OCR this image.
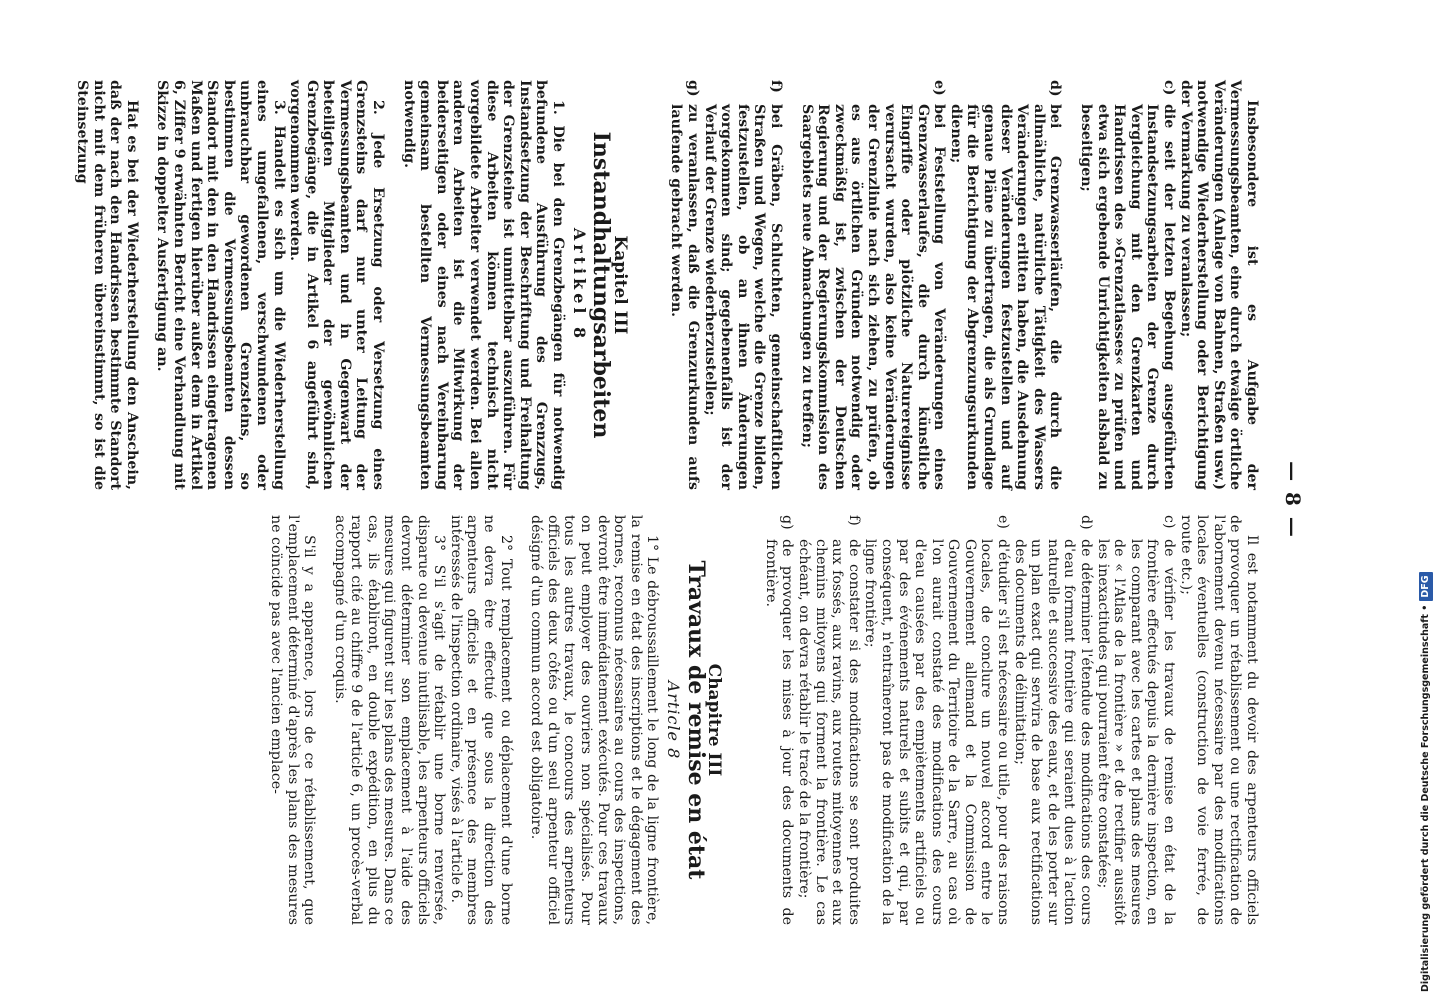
— 8 —

Insbesondere ist es Aufgabe der Vermessungsbeamten, eine durch etwaige örtliche Veränderungen (Anlage von Bahnen, Straßen usw.) notwendige Wiederherstellung oder Berichtigung der Vermarkung zu veranlassen;

c)
die seit der letzten Begehung ausgeführten Instandsetzungsarbeiten der Grenze durch Vergleichung mit den Grenzkarten und Handrissen des »Grenzatlasses« zu prüfen und etwa sich ergebende Unrichtigkeiten alsbald zu beseitigen;
d)
bei Grenzwasserläufen, die durch die allmähliche, natürliche Tätigkeit des Wassers Veränderungen erlitten haben, die Ausdehnung dieser Veränderungen festzustellen und auf genaue Pläne zu übertragen, die als Grundlage für die Berichtigung der Abgrenzungsurkunden dienen;
e)
bei Feststellung von Veränderungen eines Grenzwasserlaufes, die durch künstliche Eingriffe oder plötzliche Naturereignisse verursacht wurden, also keine Veränderungen der Grenzlinie nach sich ziehen, zu prüfen, ob es aus örtlichen Gründen notwendig oder zweckmäßig ist, zwischen der Deutschen Regierung und der Regierungskommission des Saargebiets neue Abmachungen zu treffen;
f)
bei Gräben, Schluchten, gemeinschaftlichen Straßen und Wegen, welche die Grenze bilden, festzustellen, ob an ihnen Änderungen vorgekommen sind; gegebenenfalls ist der Verlauf der Grenze wiederherzustellen;
g)
zu veranlassen, daß die Grenzurkunden aufs laufende gebracht werden.
Kapitel III
Instandhaltungsarbeiten
Artikel 8

1. Die bei den Grenzbegängen für notwendig befundene Ausführung des Grenzzugs, Instandsetzung der Beschriftung und Freihaltung der Grenzsteine ist unmittelbar auszuführen. Für diese Arbeiten können technisch nicht vorgebildete Arbeiter verwendet werden. Bei allen anderen Arbeiten ist die Mitwirkung der beiderseitigen oder eines nach Vereinbarung gemeinsam bestellten Vermessungsbeamten notwendig.

2. Jede Ersetzung oder Versetzung eines Grenzsteins darf nur unter Leitung der Vermessungsbeamten und in Gegenwart der beteiligten Mitglieder der gewöhnlichen Grenzbegänge, die in Artikel 6 angeführt sind, vorgenommen werden.

3. Handelt es sich um die Wiederherstellung eines umgefallenen, verschwundenen oder unbrauchbar gewordenen Grenzsteins, so bestimmen die Vermessungsbeamten dessen Standort mit den in den Handrissen eingetragenen Maßen und fertigen hierüber außer dem in Artikel 6, Ziffer 9 erwähnten Bericht eine Verhandlung mit Skizze in doppelter Ausfertigung an.

Hat es bei der Wiederherstellung den Anschein, daß der nach den Handrissen bestimmte Standort nicht mit dem früheren übereinstimmt, so ist die Steinsetzung

Il est notamment du devoir des arpenteurs officiels de provoquer un rétablissement ou une rectification de l'abornement devenu nécessaire par des modifications locales éventuelles (construction de voie ferrée, de route etc.);

c)
de vérifier les travaux de remise en état de la frontière effectués depuis la dernière inspection, en les comparant avec les cartes et plans des mesures de « l'Atlas de la frontière » et de rectifier aussitôt les inexactitudes qui pourraient être constatées;
d)
de déterminer l'étendue des modifications des cours d'eau formant frontière qui seraient dues à l'action naturelle et successive des eaux, et de les porter sur un plan exact qui servira de base aux rectifications des documents de délimitation;
e)
d'étudier s'il est nécessaire ou utile, pour des raisons locales, de conclure un nouvel accord entre le Gouvernement allemand et la Commission de Gouvernement du Territoire de la Sarre, au cas où l'on aurait constaté des modifications des cours d'eau causées par des empiètements artificiels ou par des événements naturels et subits et qui, par conséquent, n'entraîneront pas de modification de la ligne frontière;
f)
de constater si des modifications se sont produites aux fossés, aux ravins, aux routes mitoyennes et aux chemins mitoyens qui forment la frontière. Le cas échéant, on devra rétablir le tracé de la frontière;
g)
de provoquer les mises à jour des documents de frontière.
Chapitre III
Travaux de remise en état
Article 8

1° Le débroussaillement le long de la ligne frontière, la remise en état des inscriptions et le dégagement des bornes, reconnus nécessaires au cours des inspections, devront être immédiatement exécutés. Pour ces travaux on peut employer des ouvriers non spécialisés. Pour tous les autres travaux, le concours des arpenteurs officiels des deux côtés ou d'un seul arpenteur officiel désigné d'un commun accord est obligatoire.

2° Tout remplacement ou déplacement d'une borne ne devra être effectué que sous la direction des arpenteurs officiels et en présence des membres intéressés de l'inspection ordinaire, visés à l'article 6.

3° S'il s'agit de rétablir une borne renversée, disparue ou devenue inutilisable, les arpenteurs officiels devront déterminer son emplacement à l'aide des mesures qui figurent sur les plans des mesures. Dans ce cas, ils établiront, en double expédition, en plus du rapport cité au chiffre 9 de l'article 6, un procès-verbal accompagné d'un croquis.

S'il y a apparence, lors de ce rétablissement, que l'emplacement déterminé d'après les plans des mesures ne coïncide pas avec l'ancien emplace-	Digitalisierung gefördert durch die Deutsche Forschungsgemeinschaft •DFG
